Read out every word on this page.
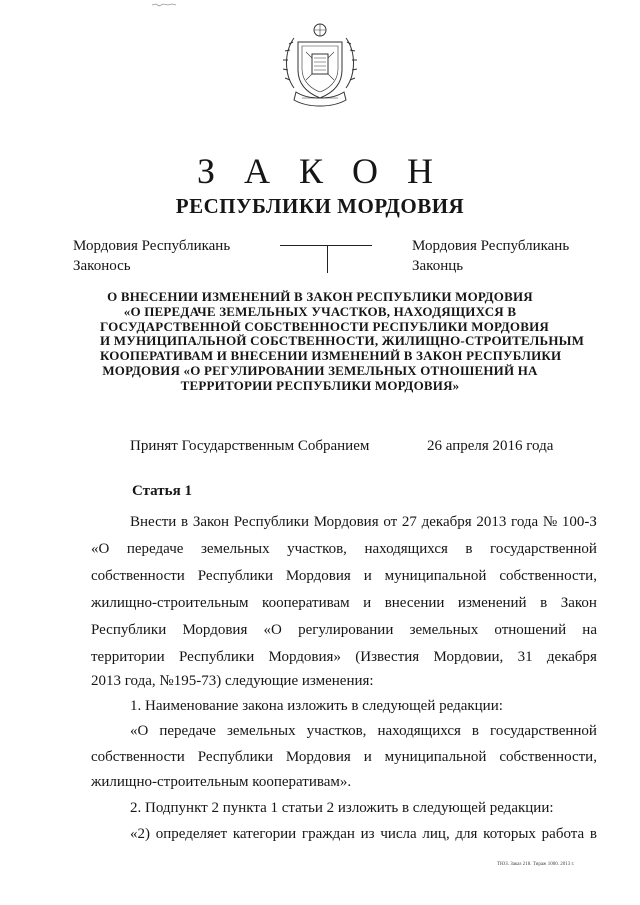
З А К О Н
РЕСПУБЛИКИ МОРДОВИЯ
Мордовия Республикань
Законось
Мордовия Республикань
Законць
О ВНЕСЕНИИ ИЗМЕНЕНИЙ В ЗАКОН РЕСПУБЛИКИ МОРДОВИЯ
«О ПЕРЕДАЧЕ ЗЕМЕЛЬНЫХ УЧАСТКОВ, НАХОДЯЩИХСЯ В
ГОСУДАРСТВЕННОЙ СОБСТВЕННОСТИ РЕСПУБЛИКИ МОРДОВИЯ
И МУНИЦИПАЛЬНОЙ СОБСТВЕННОСТИ, ЖИЛИЩНО-СТРОИТЕЛЬНЫМ
КООПЕРАТИВАМ И ВНЕСЕНИИ ИЗМЕНЕНИЙ В ЗАКОН РЕСПУБЛИКИ
МОРДОВИЯ «О РЕГУЛИРОВАНИИ ЗЕМЕЛЬНЫХ ОТНОШЕНИЙ НА
ТЕРРИТОРИИ РЕСПУБЛИКИ МОРДОВИЯ»
Принят Государственным Собранием	26 апреля 2016 года
Статья 1
Внести в Закон Республики Мордовия от 27 декабря 2013 года № 100-З
«О передаче земельных участков, находящихся в государственной
собственности Республики Мордовия и муниципальной собственности,
жилищно-строительным кооперативам и внесении изменений в Закон
Республики Мордовия «О регулировании земельных отношений на
территории Республики Мордовия» (Известия Мордовии, 31 декабря
2013 года, №195-73) следующие изменения:
1. Наименование закона изложить в следующей редакции:
«О передаче земельных участков, находящихся в государственной
собственности Республики Мордовия и муниципальной собственности,
жилищно-строительным кооперативам».
2. Подпункт 2 пункта 1 статьи 2 изложить в следующей редакции:
«2) определяет категории граждан из числа лиц, для которых работа в
ТЮЗ. Заказ 218. Тираж 1000. 2013 г.
